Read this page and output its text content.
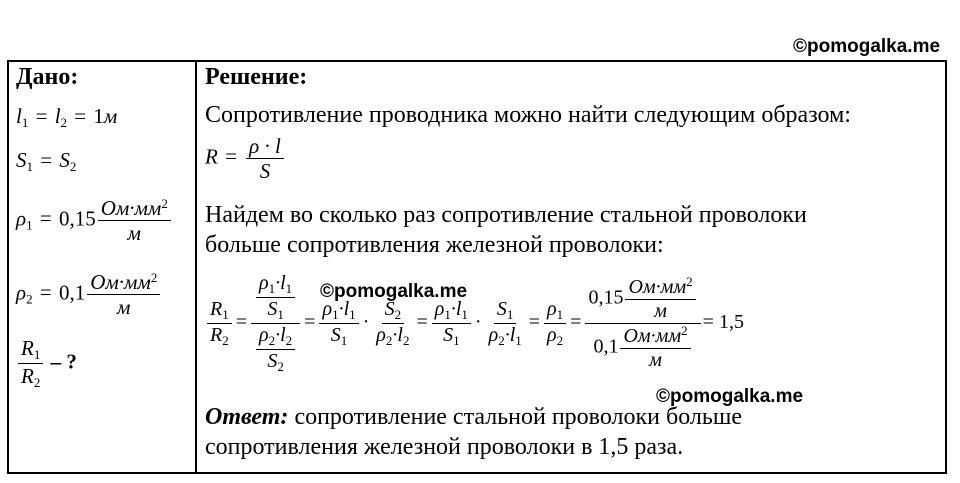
©pomogalka.me
Дано:
$l_1 = l_2 = 1м$
$S_1 = S_2$
$\rho_1 = 0,15 \frac{Ом\cdot мм^2}{м}$
$\rho_2 = 0,1 \frac{Ом\cdot мм^2}{м}$
$\frac{R_1}{R_2}$ – ?
Решение:
Сопротивление проводника можно найти следующим образом:
$R = \frac{\rho \cdot l}{S}$
Найдем во сколько раз сопротивление стальной проволоки
больше сопротивления железной проволоки:
©pomogalka.me
$\frac{R_1}{R_2} = \frac{\frac{\rho_1\cdot l_1}{S_1}}{\frac{\rho_2\cdot l_2}{S_2}} = \frac{\rho_1\cdot l_1}{S_1} \cdot \frac{S_2}{\rho_2\cdot l_2} = \frac{\rho_1\cdot l_1}{S_1} \cdot \frac{S_1}{\rho_2\cdot l_1} = \frac{\rho_1}{\rho_2} = \frac{0,15 \frac{Ом\cdot мм^2}{м}}{0,1 \frac{Ом\cdot мм^2}{м}} = 1,5$
©pomogalka.me
Ответ: сопротивление стальной проволоки больше
сопротивления железной проволоки в 1,5 раза.
